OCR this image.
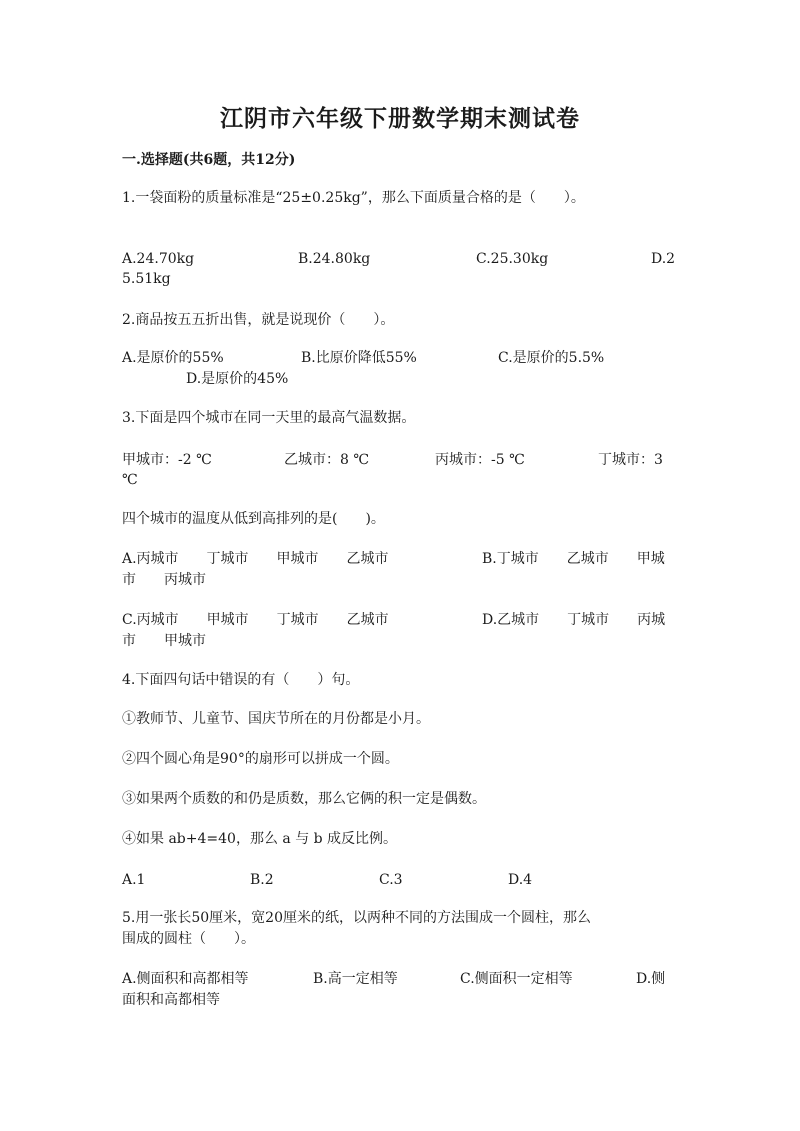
江阴市六年级下册数学期末测试卷
一.选择题(共6题，共12分)
1.一袋面粉的质量标准是“25±0.25kg”，那么下面质量合格的是（　　）。
A.24.70kg	B.24.80kg	C.25.30kg	D.2
5.51kg
2.商品按五五折出售，就是说现价（　　）。
A.是原价的55%	B.比原价降低55%	C.是原价的5.5%
D.是原价的45%
3.下面是四个城市在同一天里的最高气温数据。
甲城市：-2 ℃	乙城市：8 ℃	丙城市：-5 ℃	丁城市：3
℃
四个城市的温度从低到高排列的是(　　)。
A.丙城市　　丁城市　　甲城市　　乙城市	B.丁城市　　乙城市　　甲城
市　　丙城市
C.丙城市　　甲城市　　丁城市　　乙城市	D.乙城市　　丁城市　　丙城
市　　甲城市
4.下面四句话中错误的有（　　）句。
①教师节、儿童节、国庆节所在的月份都是小月。
②四个圆心角是90°的扇形可以拼成一个圆。
③如果两个质数的和仍是质数，那么它俩的积一定是偶数。
④如果 ab+4=40，那么 a 与 b 成反比例。
A.1	B.2	C.3	D.4
5.用一张长50厘米，宽20厘米的纸，以两种不同的方法围成一个圆柱，那么
围成的圆柱（　　）。
A.侧面积和高都相等	B.高一定相等	C.侧面积一定相等	D.侧
面积和高都相等
